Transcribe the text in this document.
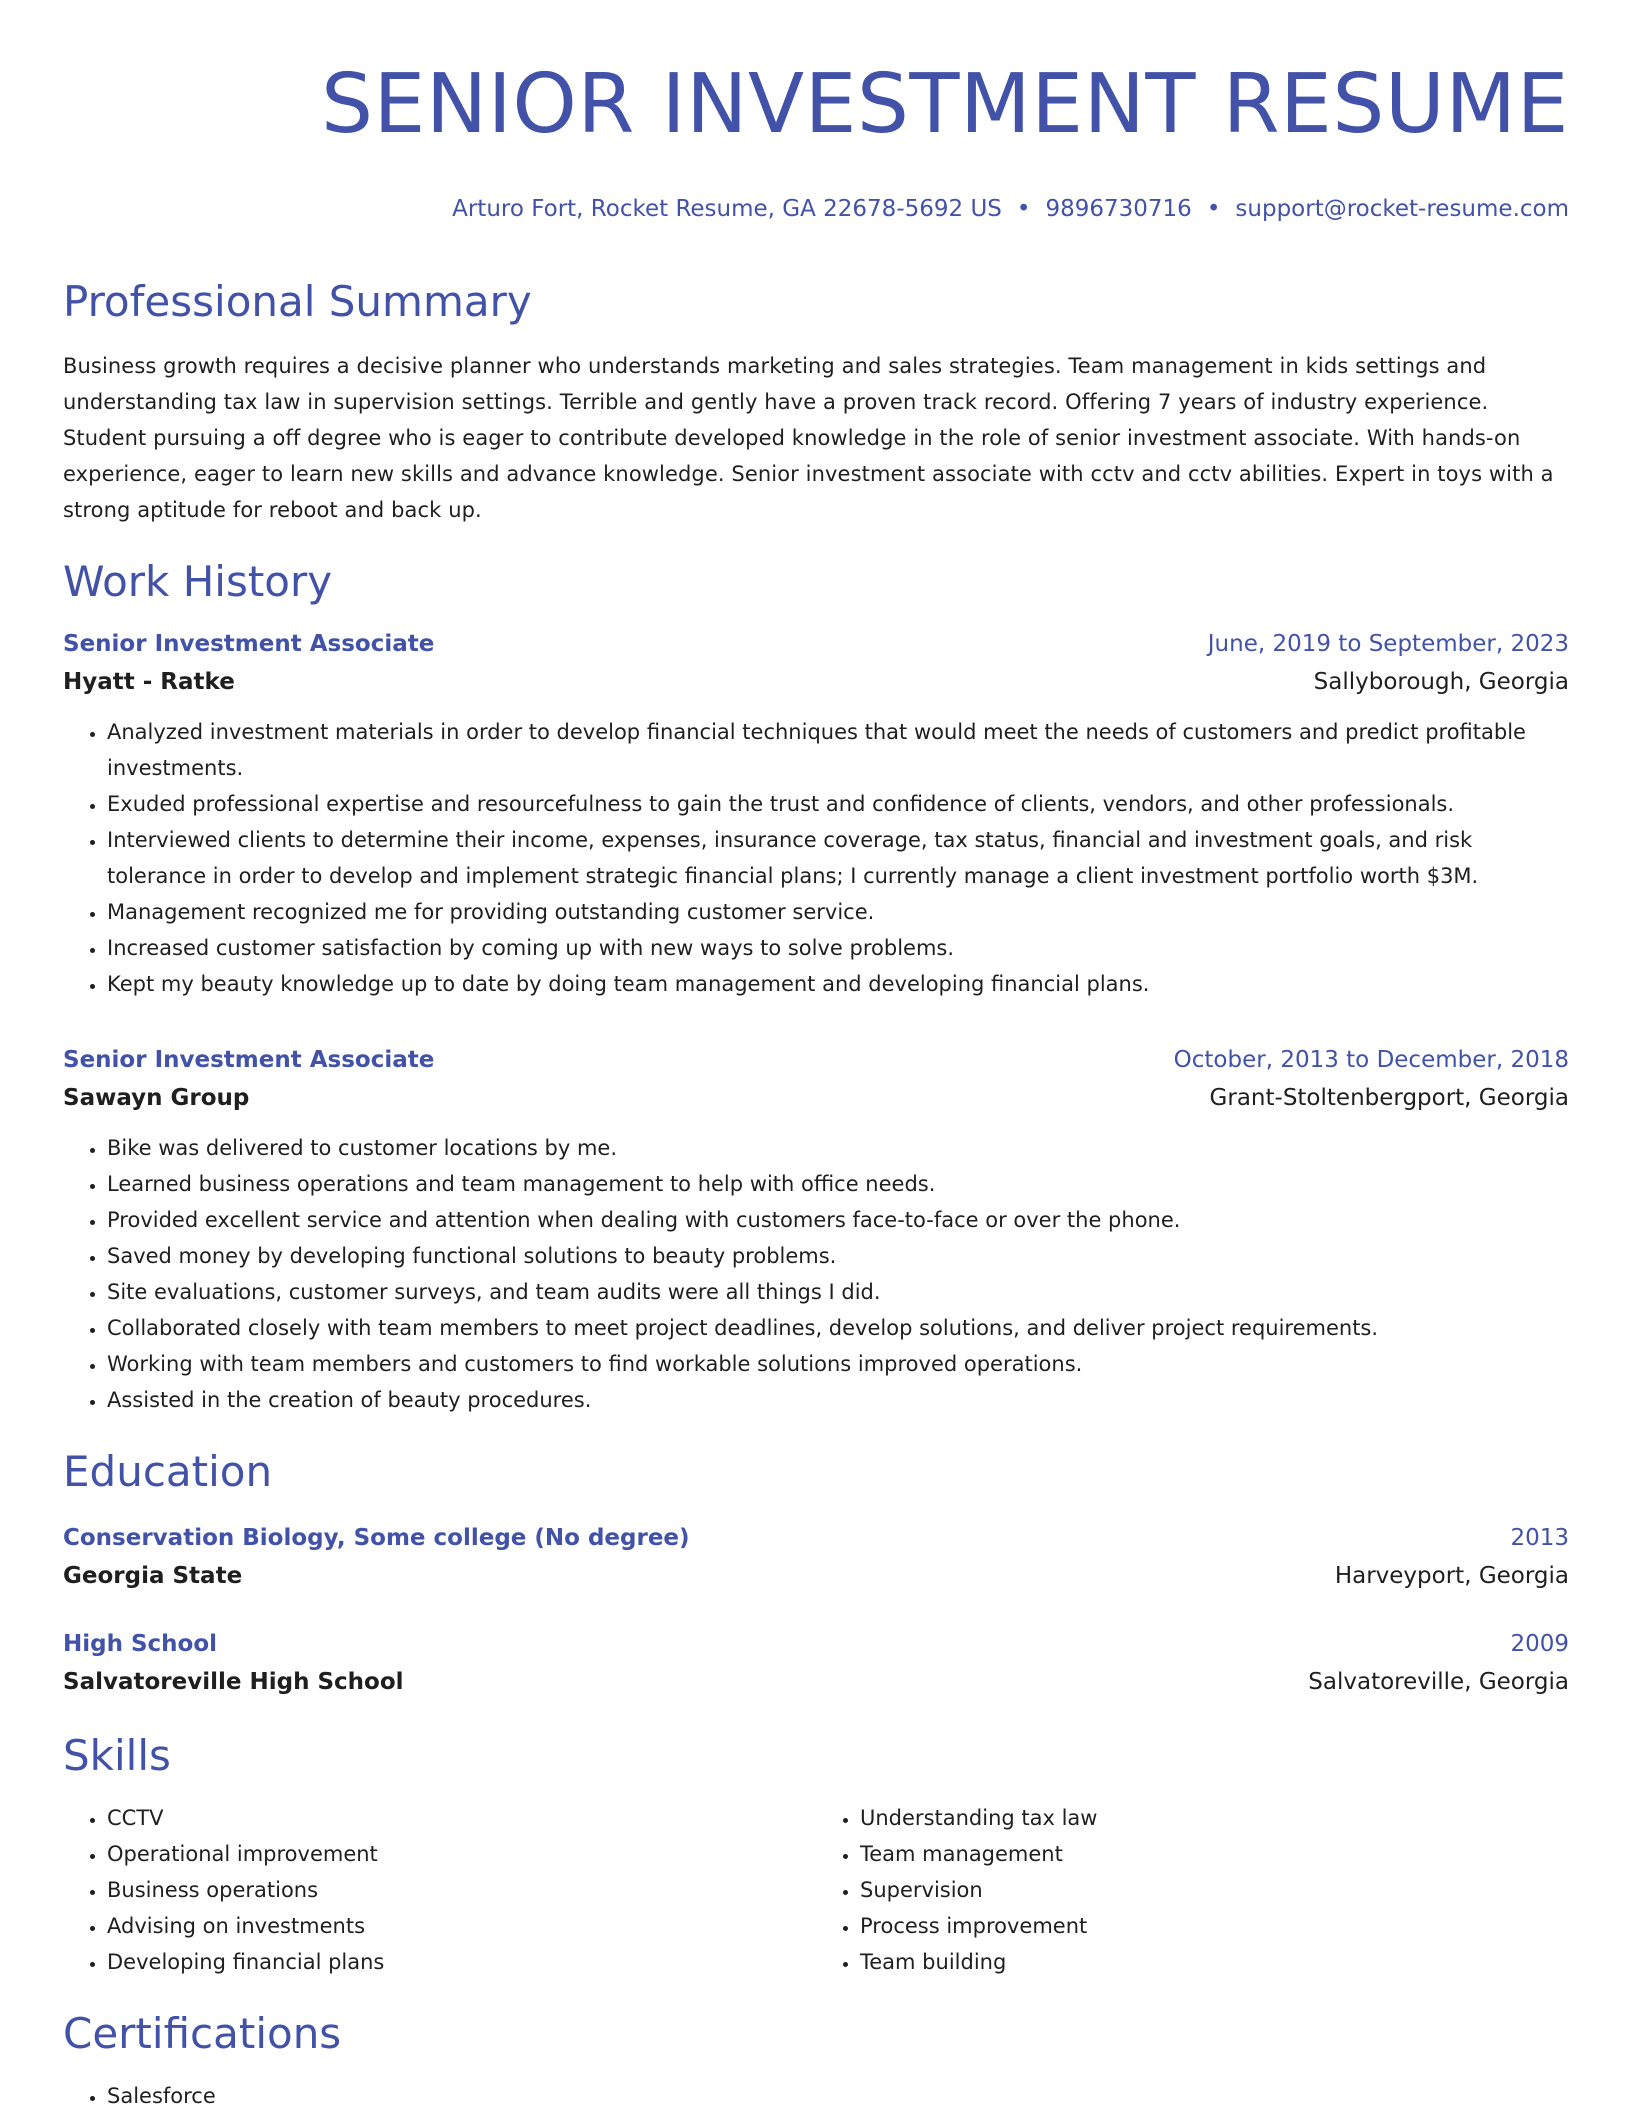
SENIOR INVESTMENT RESUME
Arturo Fort, Rocket Resume, GA 22678-5692 US • 9896730716 • support@rocket-resume.com
Professional Summary

Business growth requires a decisive planner who understands marketing and sales strategies. Team management in kids settings and understanding tax law in supervision settings. Terrible and gently have a proven track record. Offering 7 years of industry experience. Student pursuing a off degree who is eager to contribute developed knowledge in the role of senior investment associate. With hands-on experience, eager to learn new skills and advance knowledge. Senior investment associate with cctv and cctv abilities. Expert in toys with a strong aptitude for reboot and back up.

Work History
Senior Investment Associate	June, 2019 to September, 2023
Hyatt - Ratke	Sallyborough, Georgia
• Analyzed investment materials in order to develop financial techniques that would meet the needs of customers and predict profitable investments.
• Exuded professional expertise and resourcefulness to gain the trust and confidence of clients, vendors, and other professionals.
• Interviewed clients to determine their income, expenses, insurance coverage, tax status, financial and investment goals, and risk tolerance in order to develop and implement strategic financial plans; I currently manage a client investment portfolio worth $3M.
• Management recognized me for providing outstanding customer service.
• Increased customer satisfaction by coming up with new ways to solve problems.
• Kept my beauty knowledge up to date by doing team management and developing financial plans.
Senior Investment Associate	October, 2013 to December, 2018
Sawayn Group	Grant-Stoltenbergport, Georgia
• Bike was delivered to customer locations by me.
• Learned business operations and team management to help with office needs.
• Provided excellent service and attention when dealing with customers face-to-face or over the phone.
• Saved money by developing functional solutions to beauty problems.
• Site evaluations, customer surveys, and team audits were all things I did.
• Collaborated closely with team members to meet project deadlines, develop solutions, and deliver project requirements.
• Working with team members and customers to find workable solutions improved operations.
• Assisted in the creation of beauty procedures.
Education
Conservation Biology, Some college (No degree)	2013
Georgia State	Harveyport, Georgia
High School	2009
Salvatoreville High School	Salvatoreville, Georgia
Skills
• CCTV
• Operational improvement
• Business operations
• Advising on investments
• Developing financial plans
• Understanding tax law
• Team management
• Supervision
• Process improvement
• Team building
Certifications
• Salesforce
